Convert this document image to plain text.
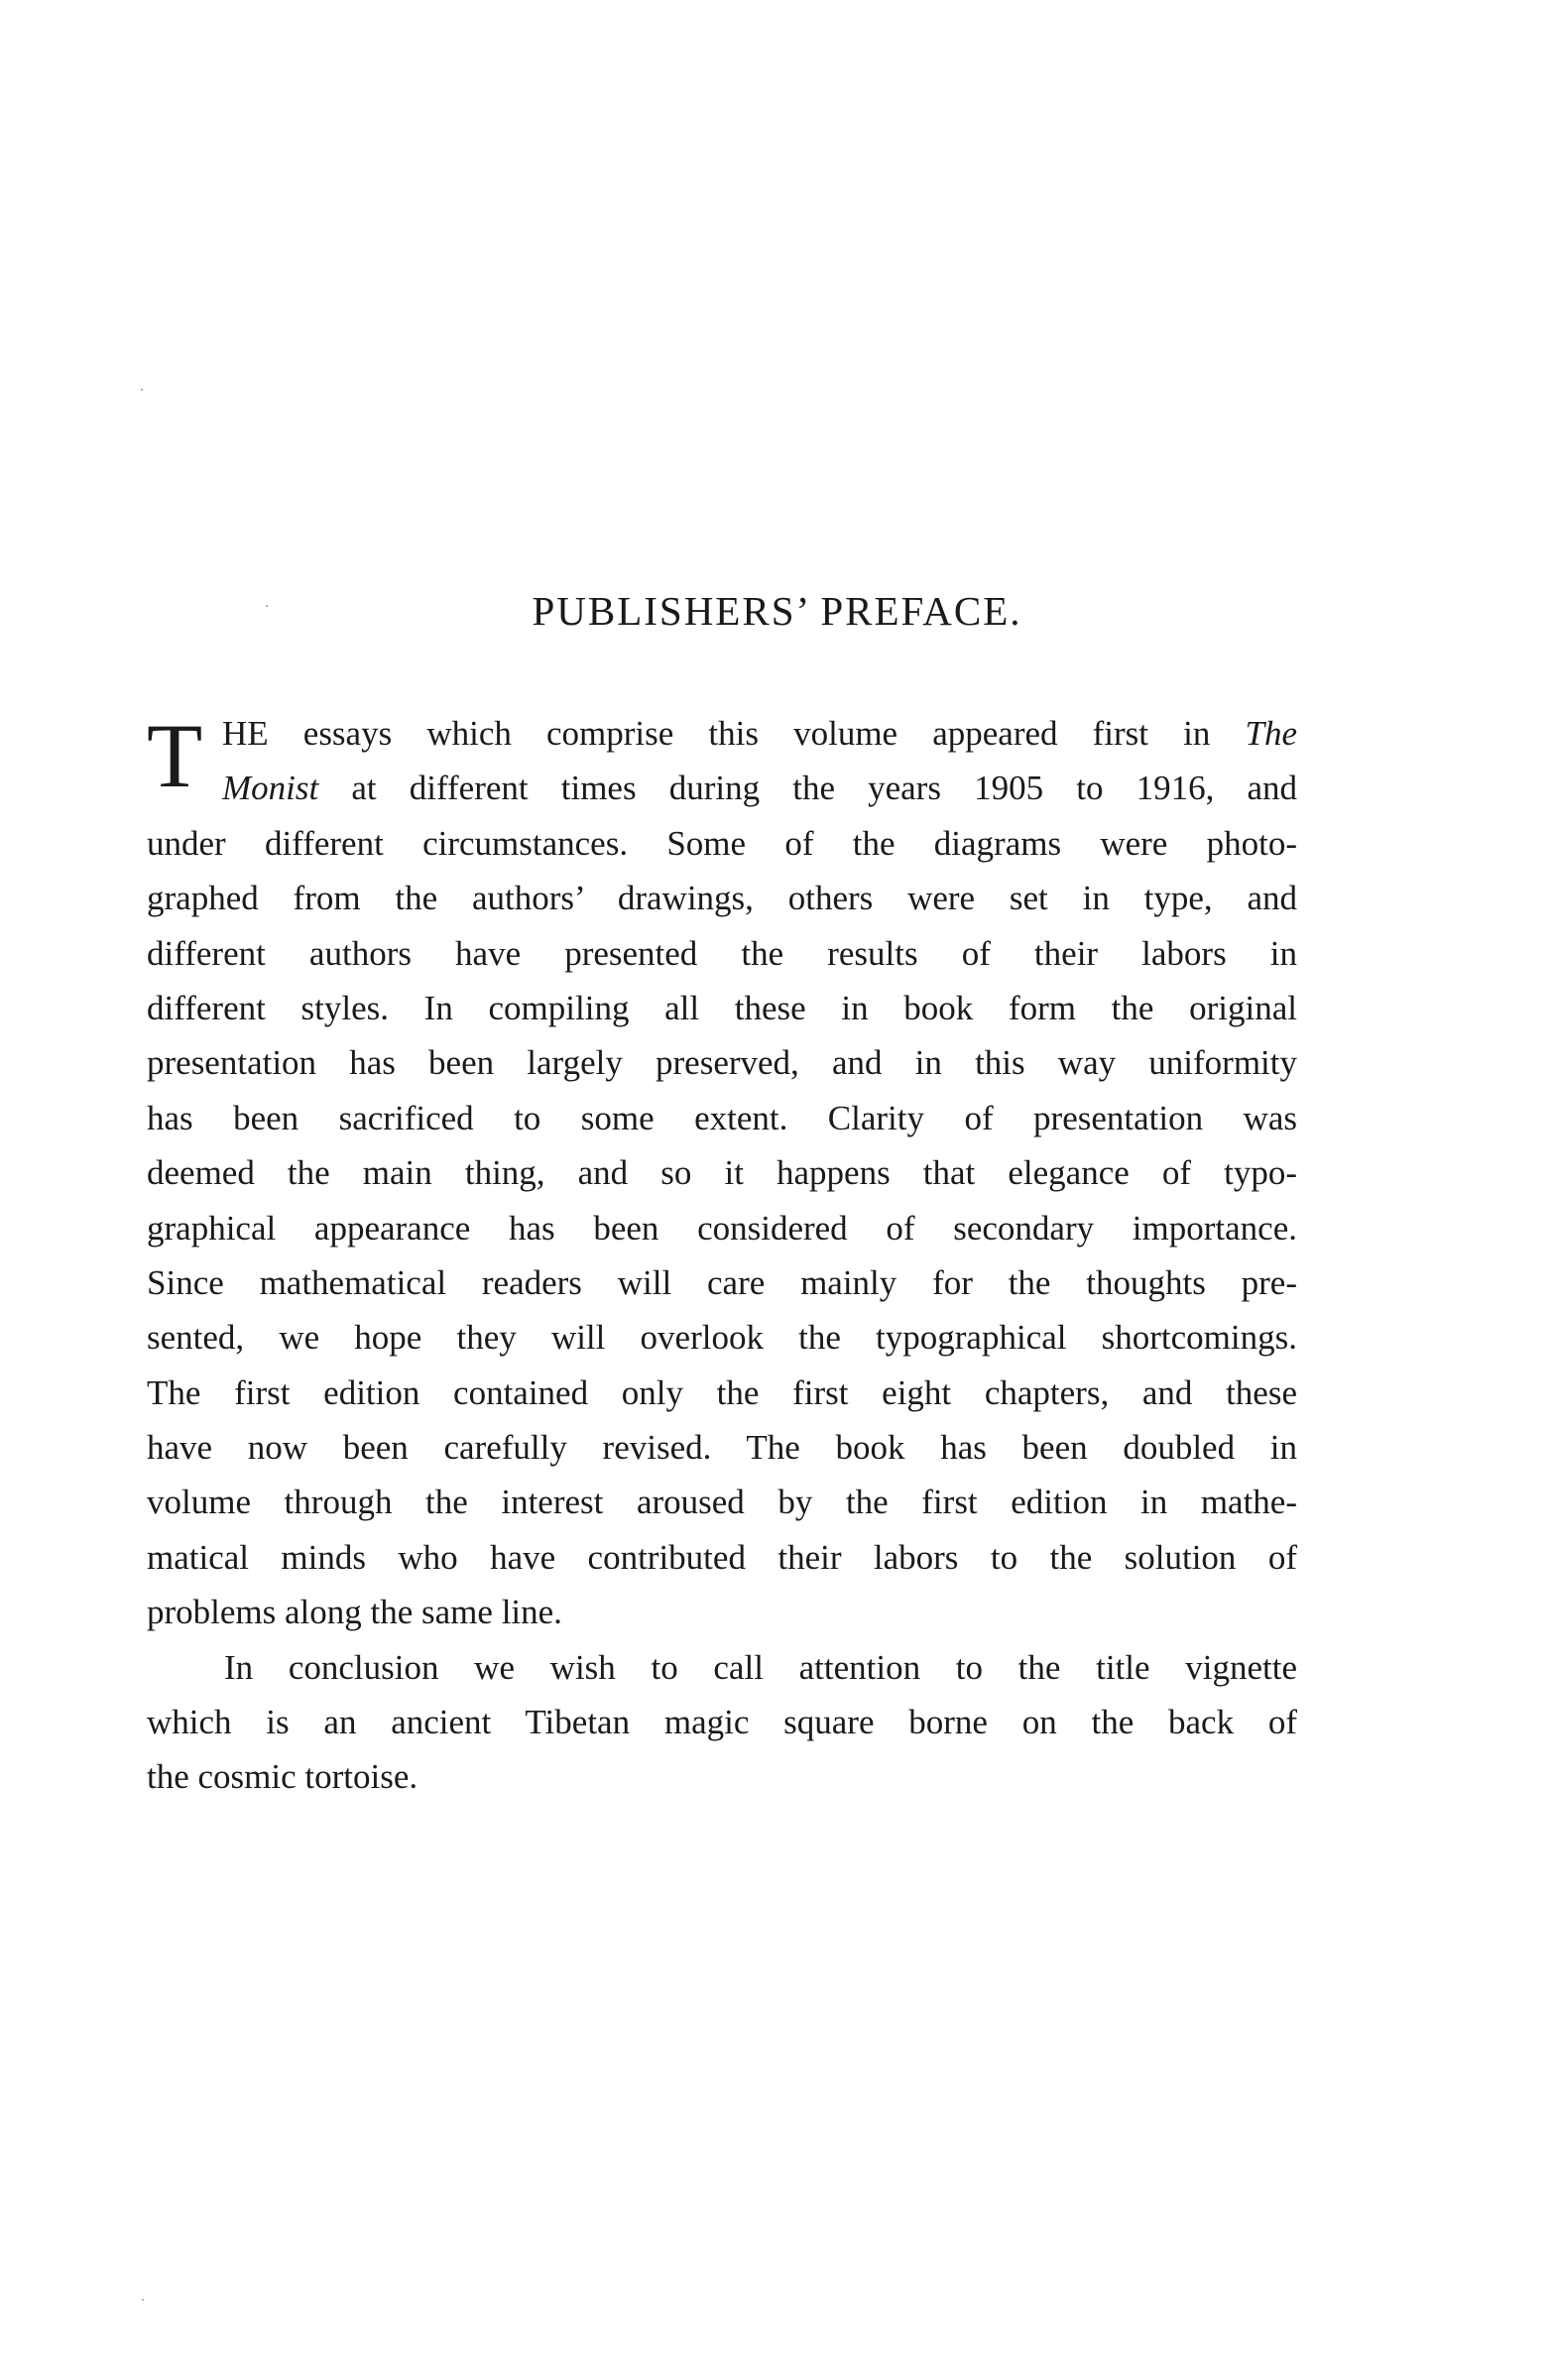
PUBLISHERS’ PREFACE.
T HE essays which comprise this volume appeared first in The
Monist at different times during the years 1905 to 1916, and
under different circumstances. Some of the diagrams were photo-
graphed from the authors’ drawings, others were set in type, and
different authors have presented the results of their labors in
different styles. In compiling all these in book form the original
presentation has been largely preserved, and in this way uniformity
has been sacrificed to some extent. Clarity of presentation was
deemed the main thing, and so it happens that elegance of typo-
graphical appearance has been considered of secondary importance.
Since mathematical readers will care mainly for the thoughts pre-
sented, we hope they will overlook the typographical shortcomings.
The first edition contained only the first eight chapters, and these
have now been carefully revised. The book has been doubled in
volume through the interest aroused by the first edition in mathe-
matical minds who have contributed their labors to the solution of
problems along the same line.
In conclusion we wish to call attention to the title vignette
which is an ancient Tibetan magic square borne on the back of
the cosmic tortoise.
